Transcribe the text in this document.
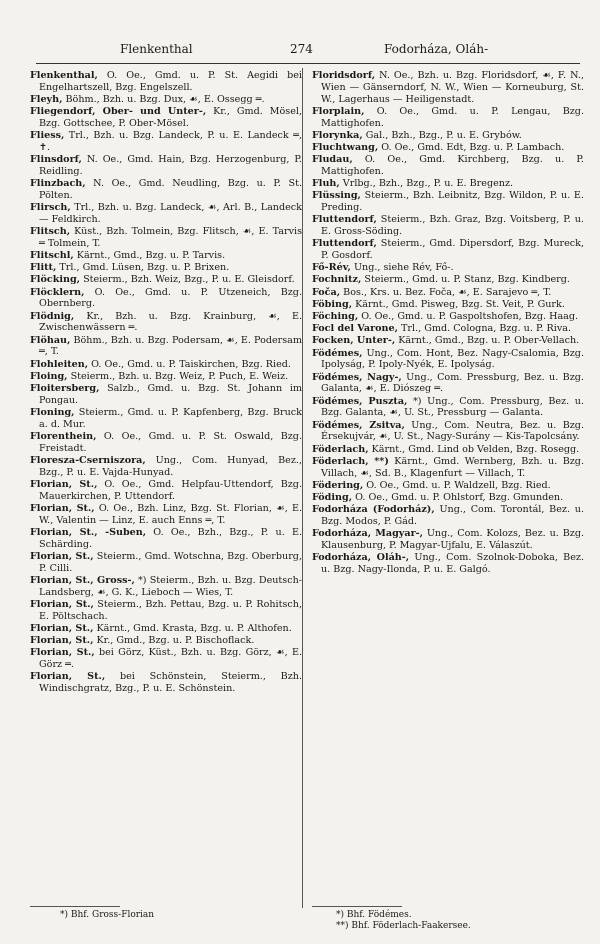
Flenkenthal	274	Fodorháza, Oláh-

Flenkenthal, O. Oe., Gmd. u. P. St. Aegidi bei Engelhartszell, Bzg. Engelszell.

Fleyh, Böhm., Bzh. u. Bzg. Dux, ☙, E. Ossegg ═.

Fliegendorf, Ober- und Unter-, Kr., Gmd. Mösel, Bzg. Gottschee, P. Ober-Mösel.

Fliess, Trl., Bzh. u. Bzg. Landeck, P. u. E. Landeck ═, ✝.

Flinsdorf, N. Oe., Gmd. Hain, Bzg. Herzogenburg, P. Reidling.

Flinzbach, N. Oe., Gmd. Neudling, Bzg. u. P. St. Pölten.

Flirsch, Trl., Bzh. u. Bzg. Landeck, ☙, Arl. B., Landeck — Feldkirch.

Flitsch, Küst., Bzh. Tolmein, Bzg. Flitsch, ☙, E. Tarvis ═ Tolmein, T.

Flitschl, Kärnt., Gmd., Bzg. u. P. Tarvis.

Flitt, Trl., Gmd. Lüsen, Bzg. u. P. Brixen.

Flöcking, Steierm., Bzh. Weiz, Bzg., P. u. E. Gleisdorf.

Flöcklern, O. Oe., Gmd. u. P. Utzeneich, Bzg. Obernberg.

Flödnig, Kr., Bzh. u. Bzg. Krainburg, ☙, E. Zwischenwässern ═.

Flöhau, Böhm., Bzh. u. Bzg. Podersam, ☙, E. Podersam ═, T.

Flohleiten, O. Oe., Gmd. u. P. Taiskirchen, Bzg. Ried.

Floing, Steierm., Bzh. u. Bzg. Weiz, P. Puch, E. Weiz.

Floitersberg, Salzb., Gmd. u. Bzg. St. Johann im Pongau.

Floning, Steierm., Gmd. u. P. Kapfenberg, Bzg. Bruck a. d. Mur.

Florenthein, O. Oe., Gmd. u. P. St. Oswald, Bzg. Freistadt.

Floresza-Cserniszora, Ung., Com. Hunyad, Bez., Bzg., P. u. E. Vajda-Hunyad.

Florian, St., O. Oe., Gmd. Helpfau-Uttendorf, Bzg. Mauerkirchen, P. Uttendorf.

Florian, St., O. Oe., Bzh. Linz, Bzg. St. Florian, ☙, E. W., Valentin — Linz, E. auch Enns ═, T.

Florian, St., -Suben, O. Oe., Bzh., Bzg., P. u. E. Schärding.

Florian, St., Steierm., Gmd. Wotschna, Bzg. Oberburg, P. Cilli.

Florian, St., Gross-, *) Steierm., Bzh. u. Bzg. Deutsch-Landsberg, ☙, G. K., Lieboch — Wies, T.

Florian, St., Steierm., Bzh. Pettau, Bzg. u. P. Rohitsch, E. Pöltschach.

Florian, St., Kärnt., Gmd. Krasta, Bzg. u. P. Althofen.

Florian, St., Kr., Gmd., Bzg. u. P. Bischoflack.

Florian, St., bei Görz, Küst., Bzh. u. Bzg. Görz, ☙, E. Görz ═.

Florian, St., bei Schönstein, Steierm., Bzh. Windischgratz, Bzg., P. u. E. Schönstein.

Floridsdorf, N. Oe., Bzh. u. Bzg. Floridsdorf, ☙, F. N., Wien — Gänserndorf, N. W., Wien — Korneuburg, St. W., Lagerhaus — Heiligenstadt.

Florplain, O. Oe., Gmd. u. P. Lengau, Bzg. Mattighofen.

Florynka, Gal., Bzh., Bzg., P. u. E. Grybów.

Fluchtwang, O. Oe., Gmd. Edt, Bzg. u. P. Lambach.

Fludau, O. Oe., Gmd. Kirchberg, Bzg. u. P. Mattighofen.

Fluh, Vrlbg., Bzh., Bzg., P. u. E. Bregenz.

Flüssing, Steierm., Bzh. Leibnitz, Bzg. Wildon, P. u. E. Preding.

Fluttendorf, Steierm., Bzh. Graz, Bzg. Voitsberg, P. u. E. Gross-Söding.

Fluttendorf, Steierm., Gmd. Dipersdorf, Bzg. Mureck, P. Gosdorf.

Fő-Rév, Ung., siehe Rév, Fő-.

Fochnitz, Steierm., Gmd. u. P. Stanz, Bzg. Kindberg.

Foča, Bos., Krs. u. Bez. Foča, ☙, E. Sarajevo ═, T.

Föbing, Kärnt., Gmd. Pisweg, Bzg. St. Veit, P. Gurk.

Föching, O. Oe., Gmd. u. P. Gaspoltshofen, Bzg. Haag.

Focl del Varone, Trl., Gmd. Cologna, Bzg. u. P. Riva.

Focken, Unter-, Kärnt., Gmd., Bzg. u. P. Ober-Vellach.

Födémes, Ung., Com. Hont, Bez. Nagy-Csalomia, Bzg. Ipolyság, P. Ipoly-Nyék, E. Ipolyság.

Födémes, Nagy-, Ung., Com. Pressburg, Bez. u. Bzg. Galanta, ☙, E. Diószeg ═.

Födémes, Puszta, *) Ung., Com. Pressburg, Bez. u. Bzg. Galanta, ☙, U. St., Pressburg — Galanta.

Födémes, Zsitva, Ung., Com. Neutra, Bez. u. Bzg. Érsekujvár, ☙, U. St., Nagy-Surány — Kis-Tapolcsány.

Föderlach, Kärnt., Gmd. Lind ob Velden, Bzg. Rosegg.

Föderlach, **) Kärnt., Gmd. Wernberg, Bzh. u. Bzg. Villach, ☙, Sd. B., Klagenfurt — Villach, T.

Födering, O. Oe., Gmd. u. P. Waldzell, Bzg. Ried.

Föding, O. Oe., Gmd. u. P. Ohlstorf, Bzg. Gmunden.

Fodorháza (Fodorház), Ung., Com. Torontál, Bez. u. Bzg. Modos, P. Gád.

Fodorháza, Magyar-, Ung., Com. Kolozs, Bez. u. Bzg. Klausenburg, P. Magyar-Ujfalu, E. Válaszút.

Fodorháza, Oláh-, Ung., Com. Szolnok-Doboka, Bez. u. Bzg. Nagy-Ilonda, P. u. E. Galgó.

*) Bhf. Gross-Florian	*) Bhf. Födémes.
**) Bhf. Föderlach-Faakersee.
